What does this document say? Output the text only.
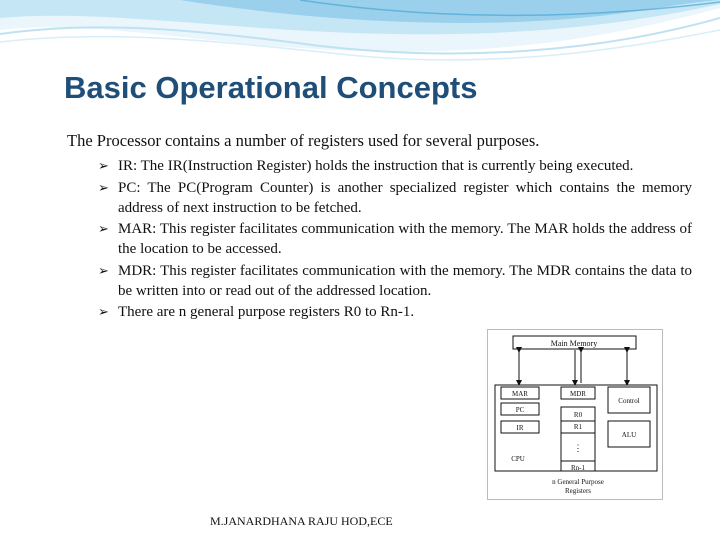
Basic Operational Concepts
The Processor contains a number of registers used for several purposes.
➢ IR: The IR(Instruction Register) holds the instruction that is currently being executed.
➢ PC: The PC(Program Counter) is another specialized register which contains the memory address of next instruction to be fetched.
➢ MAR: This register facilitates communication with the memory. The MAR holds the address of the location to be accessed.
➢ MDR: This register facilitates communication with the memory. The MDR contains the data to be written into or read out of the addressed location.
➢ There are n general purpose registers R0 to Rn-1.
Main Memory
MAR	MDR
Control
PC
IR
R0
R1
⋮
Rn-1
ALU
CPU
n General Purpose
Registers
M.JANARDHANA RAJU HOD,ECE
